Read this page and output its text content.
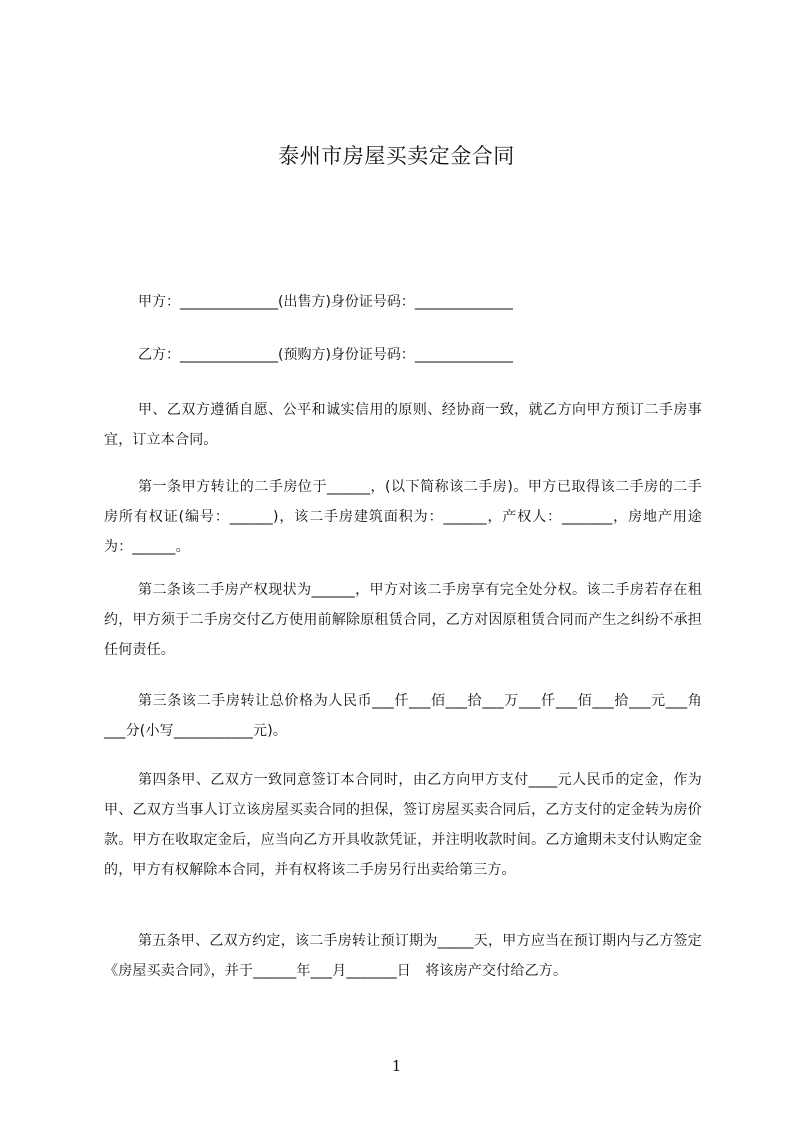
泰州市房屋买卖定金合同
甲方：______________(出售方)身份证号码：______________
乙方：______________(预购方)身份证号码：______________
甲、乙双方遵循自愿、公平和诚实信用的原则、经协商一致，就乙方向甲方预订二手房事宜，订立本合同。
第一条甲方转让的二手房位于______，(以下简称该二手房)。甲方已取得该二手房的二手房所有权证(编号：______)，该二手房建筑面积为：______，产权人：_______，房地产用途为：______。
第二条该二手房产权现状为______，甲方对该二手房享有完全处分权。该二手房若存在租约，甲方须于二手房交付乙方使用前解除原租赁合同，乙方对因原租赁合同而产生之纠纷不承担任何责任。
第三条该二手房转让总价格为人民币___仟___佰___拾___万___仟___佰___拾___元___角___分(小写___________元)。
第四条甲、乙双方一致同意签订本合同时，由乙方向甲方支付____元人民币的定金，作为甲、乙双方当事人订立该房屋买卖合同的担保，签订房屋买卖合同后，乙方支付的定金转为房价款。甲方在收取定金后，应当向乙方开具收款凭证，并注明收款时间。乙方逾期未支付认购定金的，甲方有权解除本合同，并有权将该二手房另行出卖给第三方。
第五条甲、乙双方约定，该二手房转让预订期为_____天，甲方应当在预订期内与乙方签定《房屋买卖合同》，并于______年___月_______日　将该房产交付给乙方。
1
